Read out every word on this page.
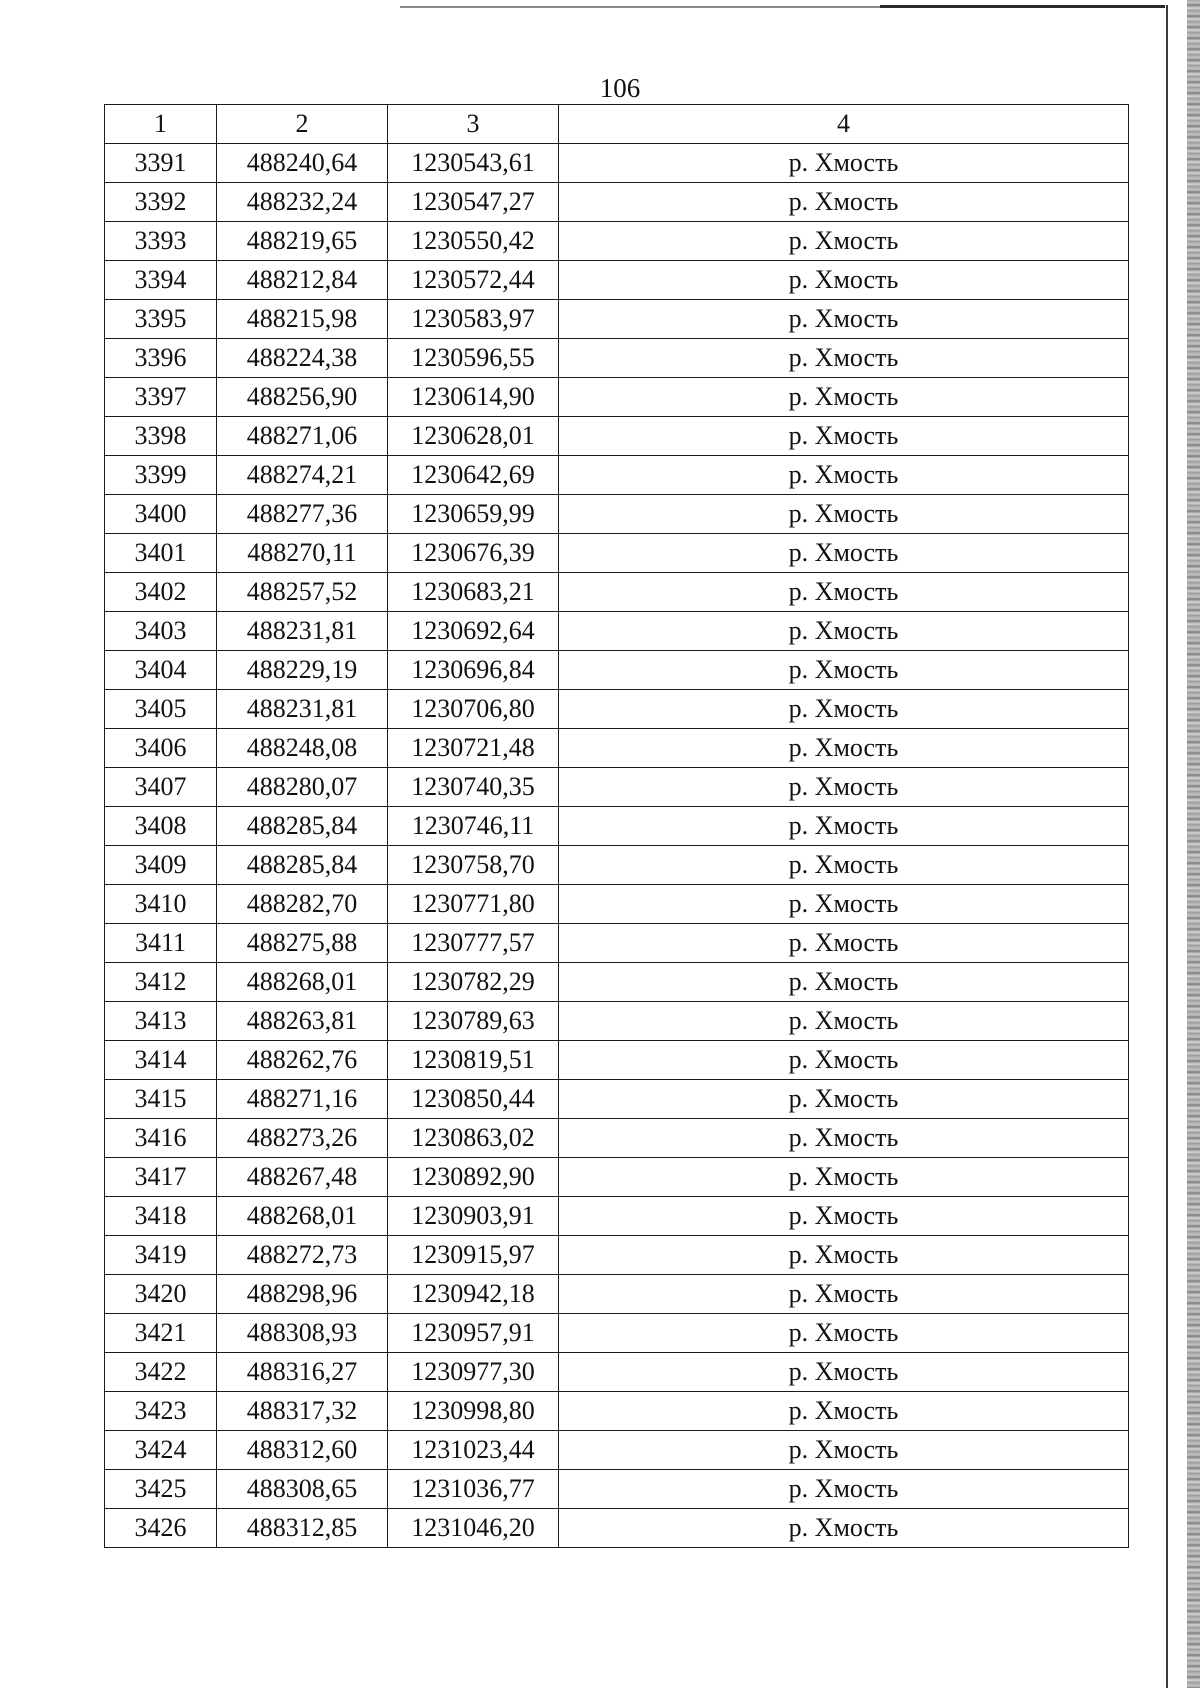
106
1	2	3	4
3391	488240,64	1230543,61	р. Хмость
3392	488232,24	1230547,27	р. Хмость
3393	488219,65	1230550,42	р. Хмость
3394	488212,84	1230572,44	р. Хмость
3395	488215,98	1230583,97	р. Хмость
3396	488224,38	1230596,55	р. Хмость
3397	488256,90	1230614,90	р. Хмость
3398	488271,06	1230628,01	р. Хмость
3399	488274,21	1230642,69	р. Хмость
3400	488277,36	1230659,99	р. Хмость
3401	488270,11	1230676,39	р. Хмость
3402	488257,52	1230683,21	р. Хмость
3403	488231,81	1230692,64	р. Хмость
3404	488229,19	1230696,84	р. Хмость
3405	488231,81	1230706,80	р. Хмость
3406	488248,08	1230721,48	р. Хмость
3407	488280,07	1230740,35	р. Хмость
3408	488285,84	1230746,11	р. Хмость
3409	488285,84	1230758,70	р. Хмость
3410	488282,70	1230771,80	р. Хмость
3411	488275,88	1230777,57	р. Хмость
3412	488268,01	1230782,29	р. Хмость
3413	488263,81	1230789,63	р. Хмость
3414	488262,76	1230819,51	р. Хмость
3415	488271,16	1230850,44	р. Хмость
3416	488273,26	1230863,02	р. Хмость
3417	488267,48	1230892,90	р. Хмость
3418	488268,01	1230903,91	р. Хмость
3419	488272,73	1230915,97	р. Хмость
3420	488298,96	1230942,18	р. Хмость
3421	488308,93	1230957,91	р. Хмость
3422	488316,27	1230977,30	р. Хмость
3423	488317,32	1230998,80	р. Хмость
3424	488312,60	1231023,44	р. Хмость
3425	488308,65	1231036,77	р. Хмость
3426	488312,85	1231046,20	р. Хмость
